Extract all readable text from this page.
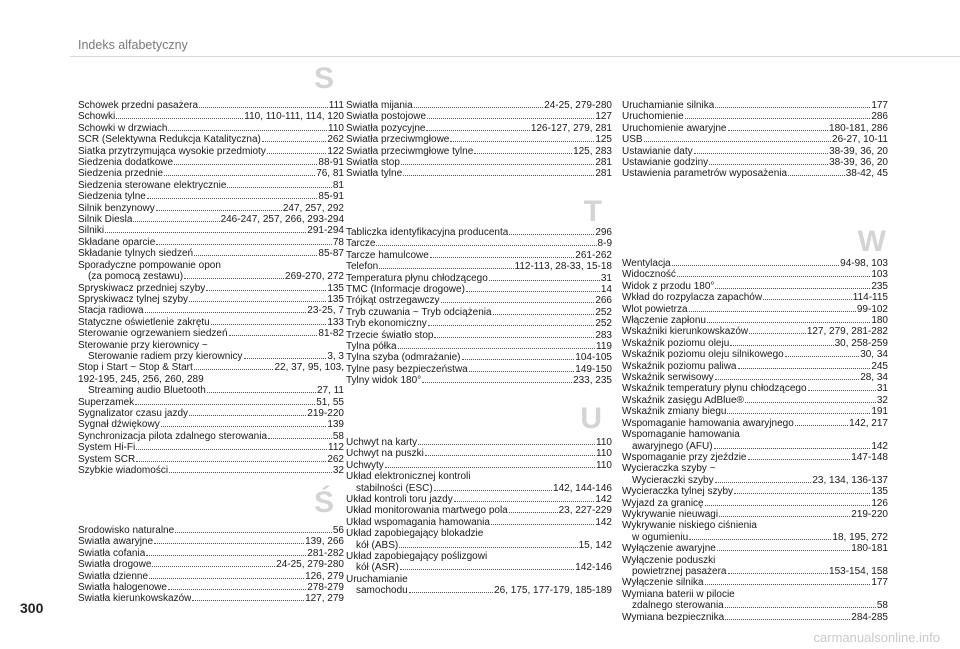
Indeks alfabetyczny
S
Schowek przedni pasażera	111
Schowki	110, 110-111, 114, 120
Schowki w drzwiach	110
SCR (Selektywna Redukcja Katalityczna)	262
Siatka przytrzymująca wysokie przedmioty	122
Siedzenia dodatkowe	88-91
Siedzenia przednie	76, 81
Siedzenia sterowane elektrycznie	81
Siedzenia tylne	85-91
Silnik benzynowy	247, 257, 292
Silnik Diesla	246-247, 257, 266, 293-294
Silniki	291-294
Składane oparcie	78
Składanie tylnych siedzeń	85-87
Sporadyczne pompowanie opon
(za pomocą zestawu)	269-270, 272
Spryskiwacz przedniej szyby	135
Spryskiwacz tylnej szyby	135
Stacja radiowa	23-25, 7
Statyczne oświetlenie zakrętu	133
Sterowanie ogrzewaniem siedzeń	81-82
Sterowanie przy kierownicy ~
Sterowanie radiem przy kierownicy	3, 3
Stop i Start ~ Stop & Start	22, 37, 95, 103,
192-195, 245, 256, 260, 289
Streaming audio Bluetooth	27, 11
Superzamek	51, 55
Sygnalizator czasu jazdy	219-220
Sygnał dźwiękowy	139
Synchronizacja pilota zdalnego sterowania	58
System Hi-Fi	112
System SCR	262
Szybkie wiadomości	32
Ś
Środowisko naturalne	56
Światła awaryjne	139, 266
Światła cofania	281-282
Światła drogowe	24-25, 279-280
Światła dzienne	126, 279
Światła halogenowe	278-279
Światła kierunkowskazów	127, 279
Światła mijania	24-25, 279-280
Światła postojowe	127
Światła pozycyjne	126-127, 279, 281
Światła przeciwmgłowe	125
Światła przeciwmgłowe tylne	125, 283
Światła stop	281
Światła tylne	281
T
Tabliczka identyfikacyjna producenta	296
Tarcze	8-9
Tarcze hamulcowe	261-262
Telefon	112-113, 28-33, 15-18
Temperatura płynu chłodzącego	31
TMC (Informacje drogowe)	14
Trójkąt ostrzegawczy	266
Tryb czuwania ~ Tryb odciążenia	252
Tryb ekonomiczny	252
Trzecie światło stop	283
Tylna półka	119
Tylna szyba (odmrażanie)	104-105
Tylne pasy bezpieczeństwa	149-150
Tylny widok 180°	233, 235
U
Uchwyt na karty	110
Uchwyt na puszki	110
Uchwyty	110
Układ elektronicznej kontroli
stabilności (ESC)	142, 144-146
Układ kontroli toru jazdy	142
Układ monitorowania martwego pola	23, 227-229
Układ wspomagania hamowania	142
Układ zapobiegający blokadzie
kół (ABS)	15, 142
Układ zapobiegający poślizgowi
kół (ASR)	142-146
Uruchamianie
samochodu	26, 175, 177-179, 185-189
Uruchamianie silnika	177
Uruchomienie	286
Uruchomienie awaryjne	180-181, 286
USB	26-27, 10-11
Ustawianie daty	38-39, 36, 20
Ustawianie godziny	38-39, 36, 20
Ustawienia parametrów wyposażenia	38-42, 45
W
Wentylacja	94-98, 103
Widoczność	103
Widok z przodu 180°	235
Wkład do rozpylacza zapachów	114-115
Wlot powietrza	99-102
Włączenie zapłonu	180
Wskaźniki kierunkowskazów	127, 279, 281-282
Wskaźnik poziomu oleju	30, 258-259
Wskaźnik poziomu oleju silnikowego	30, 34
Wskaźnik poziomu paliwa	245
Wskaźnik serwisowy	28, 34
Wskaźnik temperatury płynu chłodzącego	31
Wskaźnik zasięgu AdBlue®	32
Wskaźnik zmiany biegu	191
Wspomaganie hamowania awaryjnego	142, 217
Wspomaganie hamowania
awaryjnego (AFU)	142
Wspomaganie przy zjeździe	147-148
Wycieraczka szyby ~
Wycieraczki szyby	23, 134, 136-137
Wycieraczka tylnej szyby	135
Wyjazd za granicę	126
Wykrywanie nieuwagi	219-220
Wykrywanie niskiego ciśnienia
w ogumieniu	18, 195, 272
Wyłączenie awaryjne	180-181
Wyłączenie poduszki
powietrznej pasażera	153-154, 158
Wyłączenie silnika	177
Wymiana baterii w pilocie
zdalnego sterowania	58
Wymiana bezpiecznika	284-285
300
carmanualsonline.info
